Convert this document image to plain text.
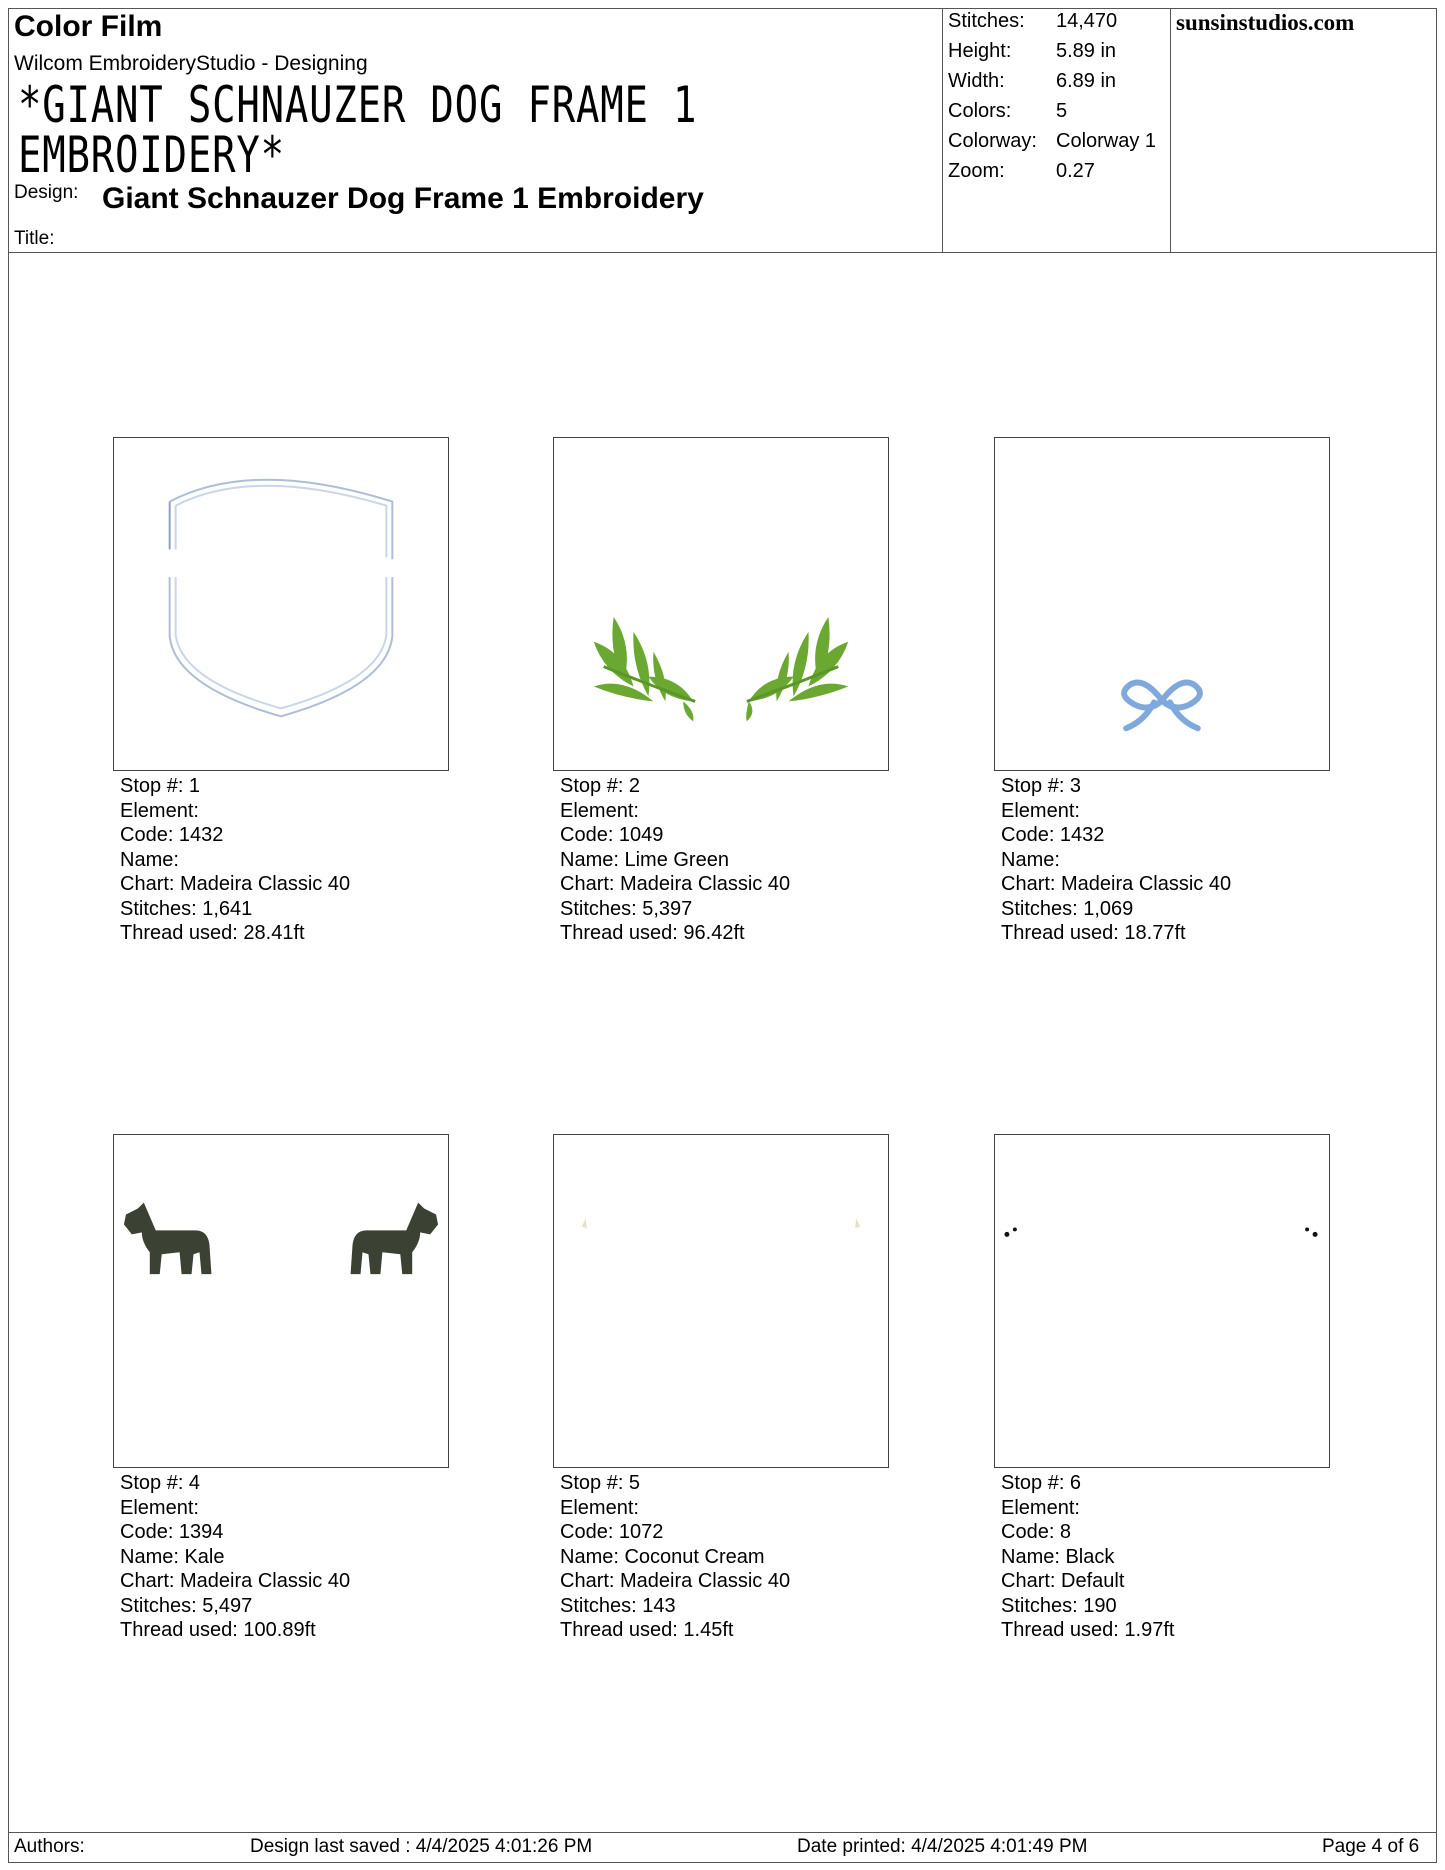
Color Film
Wilcom EmbroideryStudio - Designing
*GIANT SCHNAUZER DOG FRAME 1
EMBROIDERY*
Design: Giant Schnauzer Dog Frame 1 Embroidery
Title:
sunsinstudios.com
Stitches: 14,470
Height: 5.89 in
Width:	6.89 in
Colors: 5
Colorway: Colorway 1
Zoom:	0.27
Stop #: 1
Element:
Code: 1432
Name:
Chart: Madeira Classic 40
Stitches: 1,641
Thread used: 28.41ft
Stop #: 2
Element:
Code: 1049
Name: Lime Green
Chart: Madeira Classic 40
Stitches: 5,397
Thread used: 96.42ft
Stop #: 3
Element:
Code: 1432
Name:
Chart: Madeira Classic 40
Stitches: 1,069
Thread used: 18.77ft
Stop #: 4
Element:
Code: 1394
Name: Kale
Chart: Madeira Classic 40
Stitches: 5,497
Thread used: 100.89ft
Stop #: 5
Element:
Code: 1072
Name: Coconut Cream
Chart: Madeira Classic 40
Stitches: 143
Thread used: 1.45ft
Stop #: 6
Element:
Code: 8
Name: Black
Chart: Default
Stitches: 190
Thread used: 1.97ft
Authors:	Design last saved : 4/4/2025 4:01:26 PM	Date printed: 4/4/2025 4:01:49 PM	Page 4 of 6
